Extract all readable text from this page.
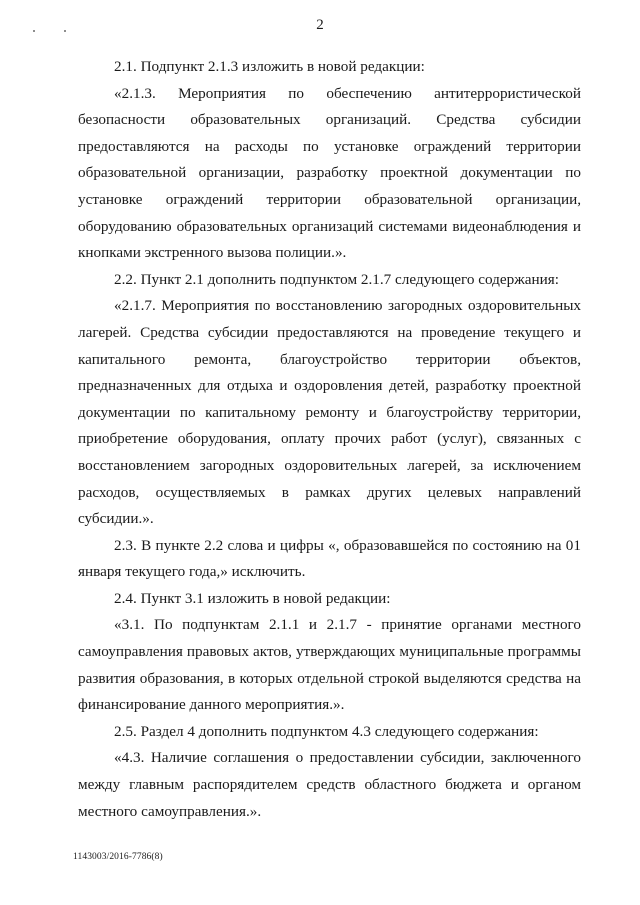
2

2.1. Подпункт 2.1.3 изложить в новой редакции:

«2.1.3. Мероприятия по обеспечению антитеррористической безопасности образовательных организаций. Средства субсидии предоставляются на расходы по установке ограждений территории образовательной организации, разработку проектной документации по установке ограждений территории образовательной организации, оборудованию образовательных организаций системами видеонаблюдения и кнопками экстренного вызова полиции.».

2.2. Пункт 2.1 дополнить подпунктом 2.1.7 следующего содержания:

«2.1.7. Мероприятия по восстановлению загородных оздоровительных лагерей. Средства субсидии предоставляются на проведение текущего и капитального ремонта, благоустройство территории объектов, предназначенных для отдыха и оздоровления детей, разработку проектной документации по капитальному ремонту и благоустройству территории, приобретение оборудования, оплату прочих работ (услуг), связанных с восстановлением загородных оздоровительных лагерей, за исключением расходов, осуществляемых в рамках других целевых направлений субсидии.».

2.3. В пункте 2.2 слова и цифры «, образовавшейся по состоянию на 01 января текущего года,» исключить.

2.4. Пункт 3.1 изложить в новой редакции:

«3.1. По подпунктам 2.1.1 и 2.1.7 - принятие органами местного самоуправления правовых актов, утверждающих муниципальные программы развития образования, в которых отдельной строкой выделяются средства на финансирование данного мероприятия.».

2.5. Раздел 4 дополнить подпунктом 4.3 следующего содержания:

«4.3. Наличие соглашения о предоставлении субсидии, заключенного между главным распорядителем средств областного бюджета и органом местного самоуправления.».

1143003/2016-7786(8)
